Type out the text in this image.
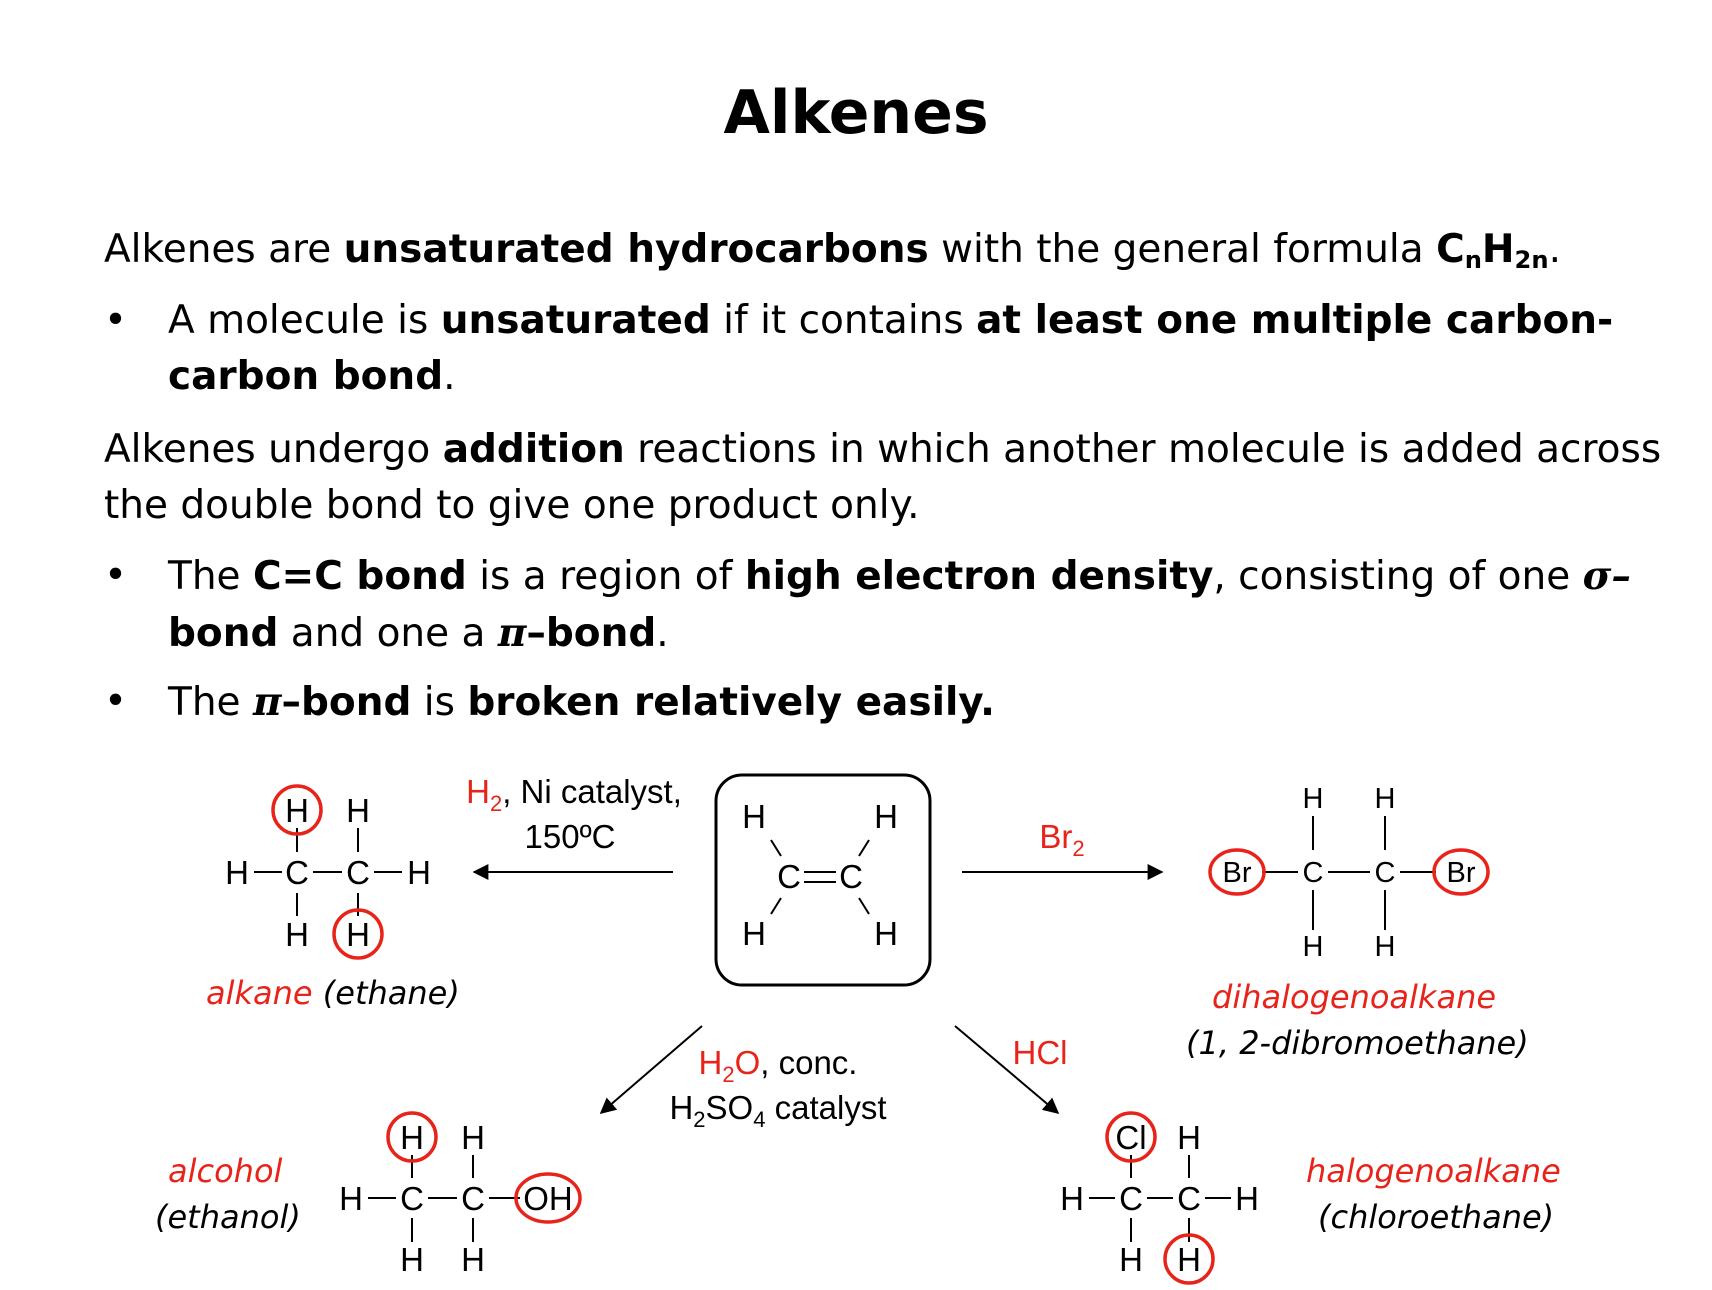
Alkenes
Alkenes are unsaturated hydrocarbons with the general formula $C_nH_{2n}$.
• A molecule is unsaturated if it contains at least one multiple carbon-carbon bond.
Alkenes undergo addition reactions in which another molecule is added across the double bond to give one product only.
• The C=C bond is a region of high electron density, consisting of one σ–
bond and one a π–bond.
• The π–bond is broken relatively easily.
H	H
H	H
C C
$H_2$, Ni catalyst,
150ºC	$Br_2$
$H_2O$, conc.
$H_2SO_4$ catalyst
HCl
H H
H C C H
H H
H H
Br C C Br
H H
H H
H C C OH
H H
Cl H
H C C H
H H
alkane (ethane)	dihalogenoalkane
(1, 2-dibromoethane)
alcohol
(ethanol)
halogenoalkane
(chloroethane)
